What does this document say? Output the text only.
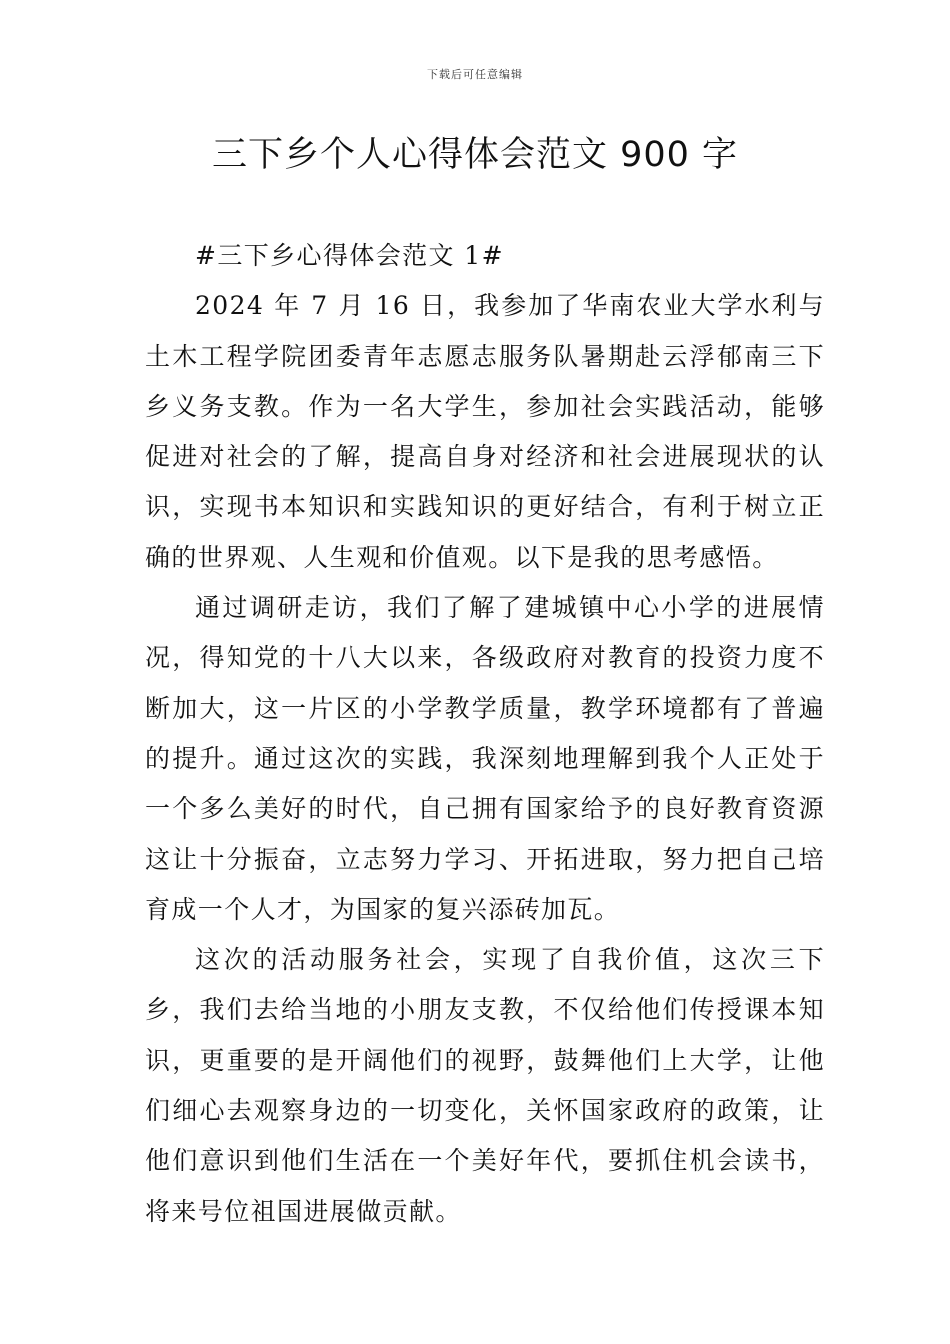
下载后可任意编辑
三下乡个人心得体会范文 900 字

#三下乡心得体会范文 1#

2024 年 7 月 16 日，我参加了华南农业大学水利与土木工程学院团委青年志愿志服务队暑期赴云浮郁南三下乡义务支教。作为一名大学生，参加社会实践活动，能够促进对社会的了解，提高自身对经济和社会进展现状的认识，实现书本知识和实践知识的更好结合，有利于树立正确的世界观、人生观和价值观。以下是我的思考感悟。

通过调研走访，我们了解了建城镇中心小学的进展情况，得知党的十八大以来，各级政府对教育的投资力度不断加大，这一片区的小学教学质量，教学环境都有了普遍的提升。通过这次的实践，我深刻地理解到我个人正处于一个多么美好的时代，自己拥有国家给予的良好教育资源这让十分振奋，立志努力学习、开拓进取，努力把自己培育成一个人才，为国家的复兴添砖加瓦。

这次的活动服务社会，实现了自我价值，这次三下乡，我们去给当地的小朋友支教，不仅给他们传授课本知识，更重要的是开阔他们的视野，鼓舞他们上大学，让他们细心去观察身边的一切变化，关怀国家政府的政策，让他们意识到他们生活在一个美好年代，要抓住机会读书，将来号位祖国进展做贡献。
